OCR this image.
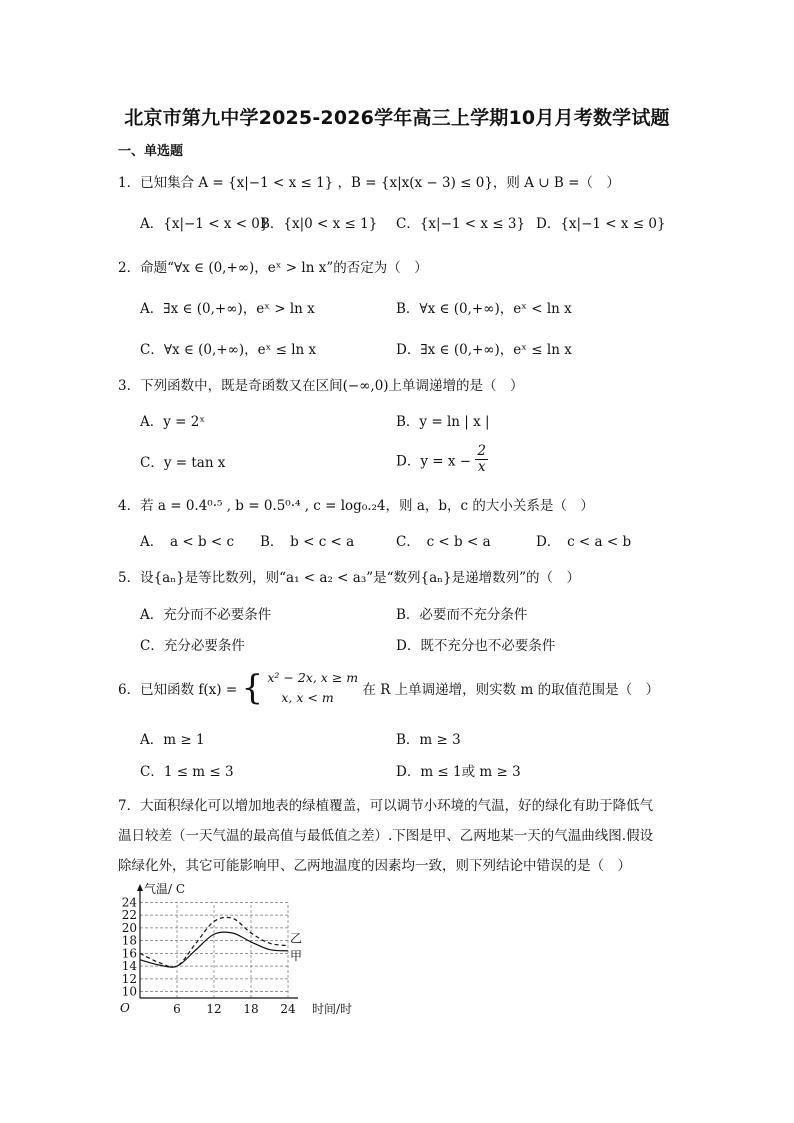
北京市第九中学2025-2026学年高三上学期10月月考数学试题
一、单选题
1．已知集合 A = {x|−1 < x ≤ 1} ，B = {x|x(x − 3) ≤ 0}，则 A ∪ B =（　）
A．{x|−1 < x < 0}
B．{x|0 < x ≤ 1} C．{x|−1 < x ≤ 3} D．{x|−1 < x ≤ 0}
2．命题“∀x ∈ (0,+∞)，eˣ > ln x”的否定为（　）
A．∃x ∈ (0,+∞)，eˣ > ln x	B．∀x ∈ (0,+∞)，eˣ < ln x
C．∀x ∈ (0,+∞)，eˣ ≤ ln x	D．∃x ∈ (0,+∞)，eˣ ≤ ln x
3．下列函数中，既是奇函数又在区间(−∞,0)上单调递增的是（　）
A．y = 2ˣ	B．y = ln | x |
C．y = tan x	D．$y = x - \frac{2}{x}$
4．若 a = 0.4⁰·⁵ , b = 0.5⁰·⁴ , c = log₀.₂4，则 a，b，c 的大小关系是（　）
A．　a < b < c B．　b < c < a	C．　c < b < a	D．　c < a < b
5．设{aₙ}是等比数列，则“a₁ < a₂ < a₃”是“数列{aₙ}是递增数列”的（　）
A．充分而不必要条件	B．必要而不充分条件
C．充分必要条件	D．既不充分也不必要条件
6．已知函数 f(x) = { x² − 2x, x ≥ m
x, x < m	在 R 上单调递增，则实数 m 的取值范围是（　）
A．m ≥ 1	B．m ≥ 3
C．1 ≤ m ≤ 3	D．m ≤ 1或 m ≥ 3
7．大面积绿化可以增加地表的绿植覆盖，可以调节小环境的气温，好的绿化有助于降低气
温日较差（一天气温的最高值与最低值之差）.下图是甲、乙两地某一天的气温曲线图.假设
除绿化外，其它可能影响甲、乙两地温度的因素均一致，则下列结论中错误的是（　）
气温/ C
时间/时
O
10
12
14
16
18
20
22
24
6 12 18 24
甲
乙
